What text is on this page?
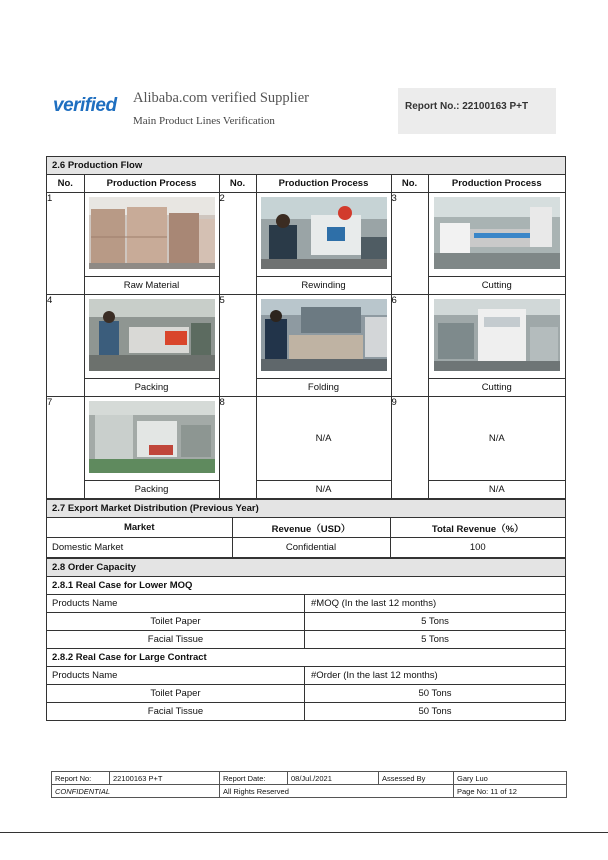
verified Alibaba.com verified Supplier
Main Product Lines Verification
Report No.: 22100163 P+T
2.6 Production Flow
No.	Production Process	No.	Production Process	No.	Production Process
1		2		3	
	Raw Material		Rewinding		Cutting
4		5		6	
	Packing		Folding		Cutting
7		8	N/A	9	N/A
	Packing		N/A		N/A
2.7 Export Market Distribution (Previous Year)
Market	Revenue（USD）	Total Revenue（%）
Domestic Market	Confidential	100
2.8 Order Capacity
2.8.1 Real Case for Lower MOQ
Products Name	#MOQ (In the last 12 months)
Toilet Paper	5 Tons
Facial Tissue	5 Tons
2.8.2 Real Case for Large Contract
Products Name	#Order (In the last 12 months)
Toilet Paper	50 Tons
Facial Tissue	50 Tons
Report No:	22100163 P+T	Report Date:	08/Jul./2021	Assessed By	Gary Luo
CONFIDENTIAL		All Rights Reserved			Page No: 11 of 12
